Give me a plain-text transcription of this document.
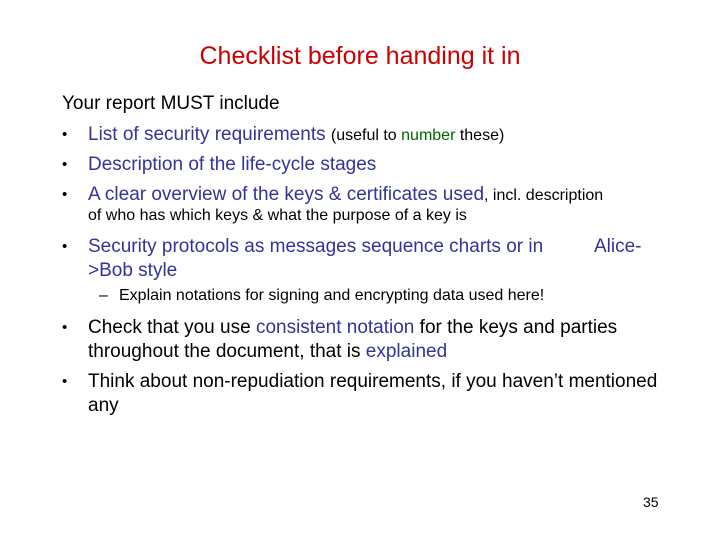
Checklist before handing it in
Your report MUST include
• List of security requirements (useful to number these)
• Description of the life-cycle stages
• A clear overview of the keys & certificates used, incl. description
of who has which keys & what the purpose of a key is
• Security protocols as messages sequence charts or in	Alice-
>Bob style
– Explain notations for signing and encrypting data used here!
• Check that you use consistent notation for the keys and parties throughout the document, that is explained
• Think about non-repudiation requirements, if you haven’t mentioned any
35
